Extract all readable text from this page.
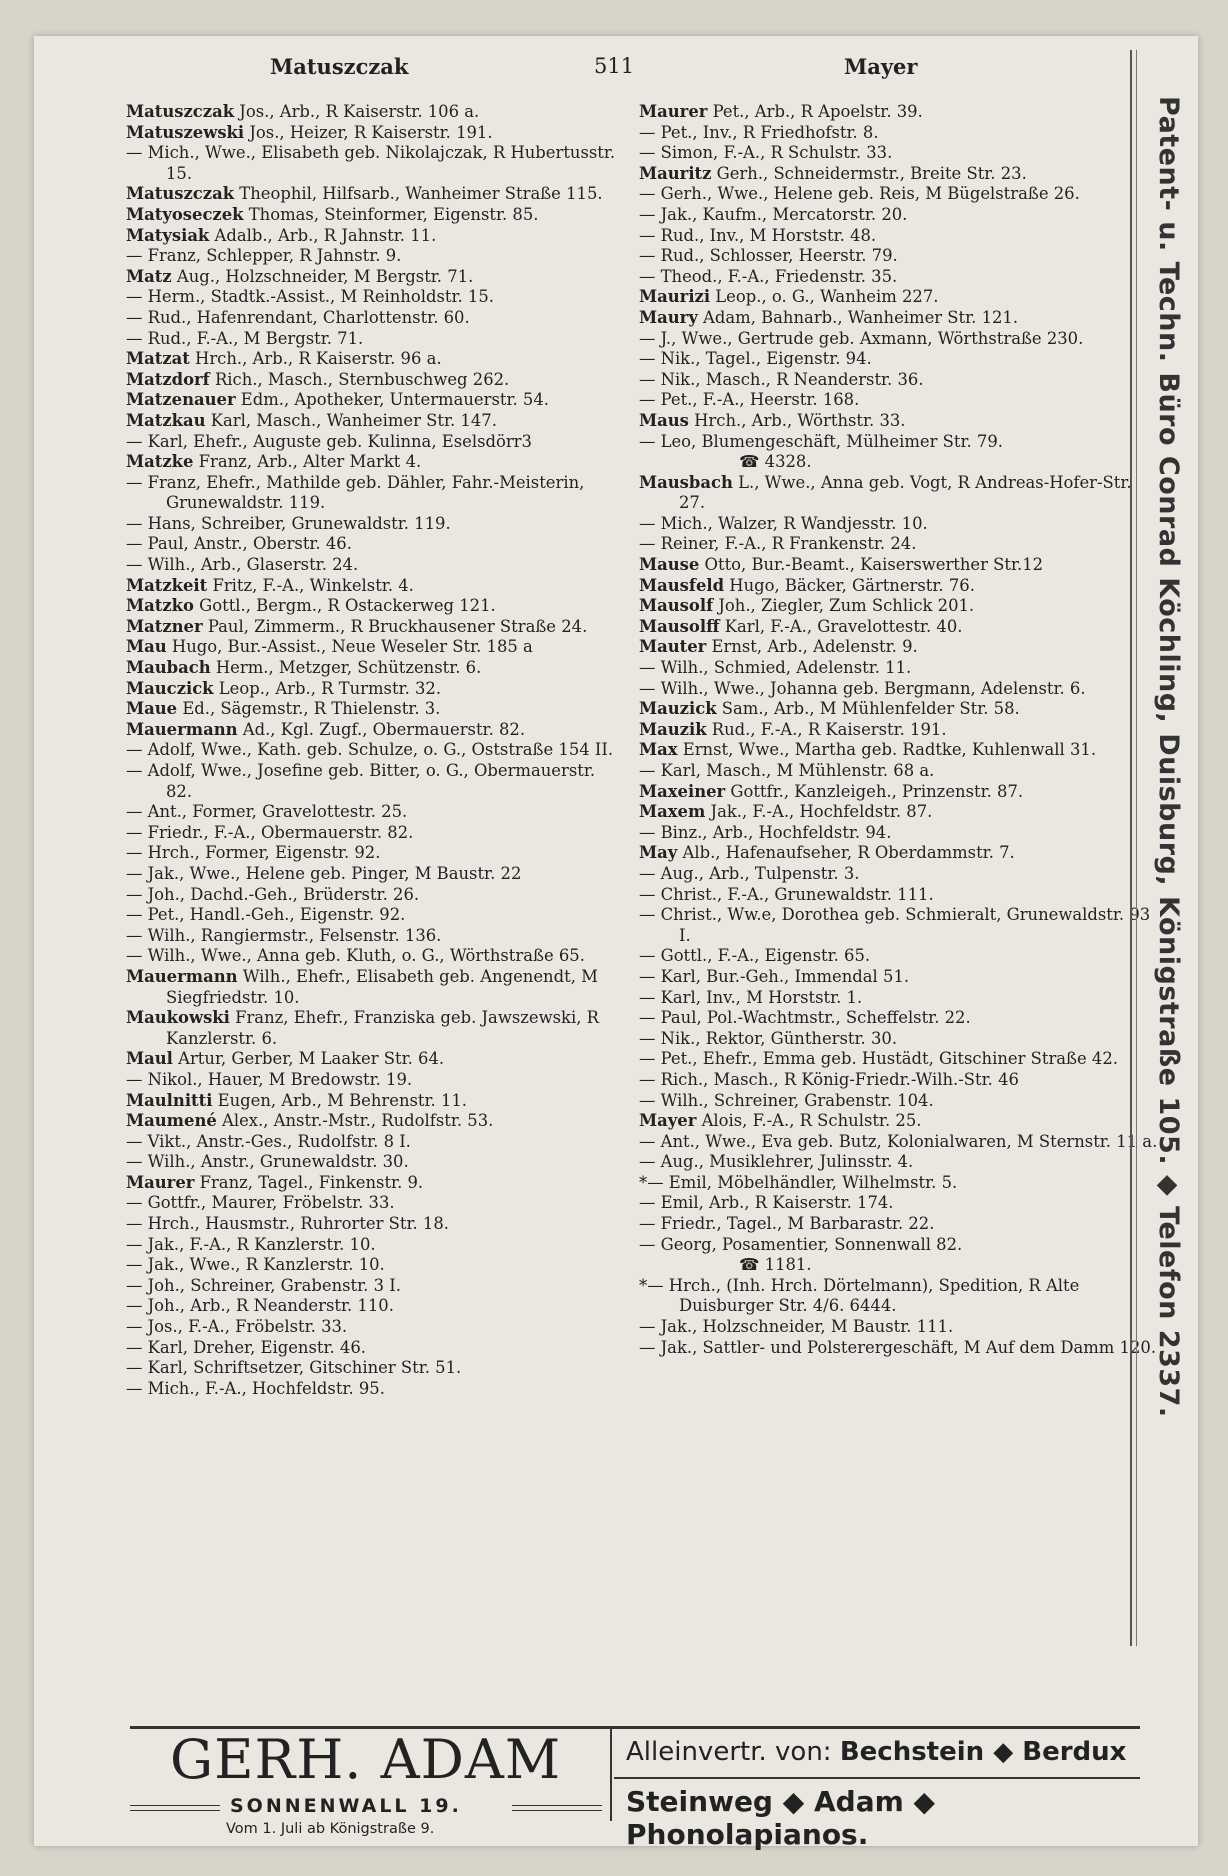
Matuszczak	511	Mayer
Matuszczak Jos., Arb., R Kaiserstr. 106 a.
Matuszewski Jos., Heizer, R Kaiserstr. 191.
— Mich., Wwe., Elisabeth geb. Nikolajczak, R Hubertusstr. 15.
Matuszczak Theophil, Hilfsarb., Wanheimer Straße 115.
Matyoseczek Thomas, Steinformer, Eigenstr. 85.
Matysiak Adalb., Arb., R Jahnstr. 11.
— Franz, Schlepper, R Jahnstr. 9.
Matz Aug., Holzschneider, M Bergstr. 71.
— Herm., Stadtk.-Assist., M Reinholdstr. 15.
— Rud., Hafenrendant, Charlottenstr. 60.
— Rud., F.-A., M Bergstr. 71.
Matzat Hrch., Arb., R Kaiserstr. 96 a.
Matzdorf Rich., Masch., Sternbuschweg 262.
Matzenauer Edm., Apotheker, Untermauerstr. 54.
Matzkau Karl, Masch., Wanheimer Str. 147.
— Karl, Ehefr., Auguste geb. Kulinna, Eselsdörr3
Matzke Franz, Arb., Alter Markt 4.
— Franz, Ehefr., Mathilde geb. Dähler, Fahr.-Meisterin, Grunewaldstr. 119.
— Hans, Schreiber, Grunewaldstr. 119.
— Paul, Anstr., Oberstr. 46.
— Wilh., Arb., Glaserstr. 24.
Matzkeit Fritz, F.-A., Winkelstr. 4.
Matzko Gottl., Bergm., R Ostackerweg 121.
Matzner Paul, Zimmerm., R Bruckhausener Straße 24.
Mau Hugo, Bur.-Assist., Neue Weseler Str. 185 a
Maubach Herm., Metzger, Schützenstr. 6.
Mauczick Leop., Arb., R Turmstr. 32.
Maue Ed., Sägemstr., R Thielenstr. 3.
Mauermann Ad., Kgl. Zugf., Obermauerstr. 82.
— Adolf, Wwe., Kath. geb. Schulze, o. G., Oststraße 154 II.
— Adolf, Wwe., Josefine geb. Bitter, o. G., Obermauerstr. 82.
— Ant., Former, Gravelottestr. 25.
— Friedr., F.-A., Obermauerstr. 82.
— Hrch., Former, Eigenstr. 92.
— Jak., Wwe., Helene geb. Pinger, M Baustr. 22
— Joh., Dachd.-Geh., Brüderstr. 26.
— Pet., Handl.-Geh., Eigenstr. 92.
— Wilh., Rangiermstr., Felsenstr. 136.
— Wilh., Wwe., Anna geb. Kluth, o. G., Wörthstraße 65.
Mauermann Wilh., Ehefr., Elisabeth geb. Angenendt, M Siegfriedstr. 10.
Maukowski Franz, Ehefr., Franziska geb. Jawszewski, R Kanzlerstr. 6.
Maul Artur, Gerber, M Laaker Str. 64.
— Nikol., Hauer, M Bredowstr. 19.
Maulnitti Eugen, Arb., M Behrenstr. 11.
Maumené Alex., Anstr.-Mstr., Rudolfstr. 53.
— Vikt., Anstr.-Ges., Rudolfstr. 8 I.
— Wilh., Anstr., Grunewaldstr. 30.
Maurer Franz, Tagel., Finkenstr. 9.
— Gottfr., Maurer, Fröbelstr. 33.
— Hrch., Hausmstr., Ruhrorter Str. 18.
— Jak., F.-A., R Kanzlerstr. 10.
— Jak., Wwe., R Kanzlerstr. 10.
— Joh., Schreiner, Grabenstr. 3 I.
— Joh., Arb., R Neanderstr. 110.
— Jos., F.-A., Fröbelstr. 33.
— Karl, Dreher, Eigenstr. 46.
— Karl, Schriftsetzer, Gitschiner Str. 51.
— Mich., F.-A., Hochfeldstr. 95.
Maurer Pet., Arb., R Apoelstr. 39.
— Pet., Inv., R Friedhofstr. 8.
— Simon, F.-A., R Schulstr. 33.
Mauritz Gerh., Schneidermstr., Breite Str. 23.
— Gerh., Wwe., Helene geb. Reis, M Bügelstraße 26.
— Jak., Kaufm., Mercatorstr. 20.
— Rud., Inv., M Horststr. 48.
— Rud., Schlosser, Heerstr. 79.
— Theod., F.-A., Friedenstr. 35.
Maurizi Leop., o. G., Wanheim 227.
Maury Adam, Bahnarb., Wanheimer Str. 121.
— J., Wwe., Gertrude geb. Axmann, Wörthstraße 230.
— Nik., Tagel., Eigenstr. 94.
— Nik., Masch., R Neanderstr. 36.
— Pet., F.-A., Heerstr. 168.
Maus Hrch., Arb., Wörthstr. 33.
— Leo, Blumengeschäft, Mülheimer Str. 79.
☎ 4328.
Mausbach L., Wwe., Anna geb. Vogt, R Andreas-Hofer-Str. 27.
— Mich., Walzer, R Wandjesstr. 10.
— Reiner, F.-A., R Frankenstr. 24.
Mause Otto, Bur.-Beamt., Kaiserswerther Str.12
Mausfeld Hugo, Bäcker, Gärtnerstr. 76.
Mausolf Joh., Ziegler, Zum Schlick 201.
Mausolff Karl, F.-A., Gravelottestr. 40.
Mauter Ernst, Arb., Adelenstr. 9.
— Wilh., Schmied, Adelenstr. 11.
— Wilh., Wwe., Johanna geb. Bergmann, Adelenstr. 6.
Mauzick Sam., Arb., M Mühlenfelder Str. 58.
Mauzik Rud., F.-A., R Kaiserstr. 191.
Max Ernst, Wwe., Martha geb. Radtke, Kuhlenwall 31.
— Karl, Masch., M Mühlenstr. 68 a.
Maxeiner Gottfr., Kanzleigeh., Prinzenstr. 87.
Maxem Jak., F.-A., Hochfeldstr. 87.
— Binz., Arb., Hochfeldstr. 94.
May Alb., Hafenaufseher, R Oberdammstr. 7.
— Aug., Arb., Tulpenstr. 3.
— Christ., F.-A., Grunewaldstr. 111.
— Christ., Ww.e, Dorothea geb. Schmieralt, Grunewaldstr. 93 I.
— Gottl., F.-A., Eigenstr. 65.
— Karl, Bur.-Geh., Immendal 51.
— Karl, Inv., M Horststr. 1.
— Paul, Pol.-Wachtmstr., Scheffelstr. 22.
— Nik., Rektor, Güntherstr. 30.
— Pet., Ehefr., Emma geb. Hustädt, Gitschiner Straße 42.
— Rich., Masch., R König-Friedr.-Wilh.-Str. 46
— Wilh., Schreiner, Grabenstr. 104.
Mayer Alois, F.-A., R Schulstr. 25.
— Ant., Wwe., Eva geb. Butz, Kolonialwaren, M Sternstr. 11 a.
— Aug., Musiklehrer, Julinsstr. 4.
*— Emil, Möbelhändler, Wilhelmstr. 5.
— Emil, Arb., R Kaiserstr. 174.
— Friedr., Tagel., M Barbarastr. 22.
— Georg, Posamentier, Sonnenwall 82.
☎ 1181.
*— Hrch., (Inh. Hrch. Dörtelmann), Spedition, R Alte Duisburger Str. 4/6. 6444.
— Jak., Holzschneider, M Baustr. 111.
— Jak., Sattler- und Polsterergeschäft, M Auf dem Damm 120.
Patent- u. Techn. Büro Conrad Köchling, Duisburg, Königstraße 105. ◆ Telefon 2337.
GERH. ADAM
SONNENWALL 19.
Vom 1. Juli ab Königstraße 9.
Alleinvertr. von: Bechstein ◆ Berdux
Steinweg ◆ Adam ◆ Phonolapianos.
